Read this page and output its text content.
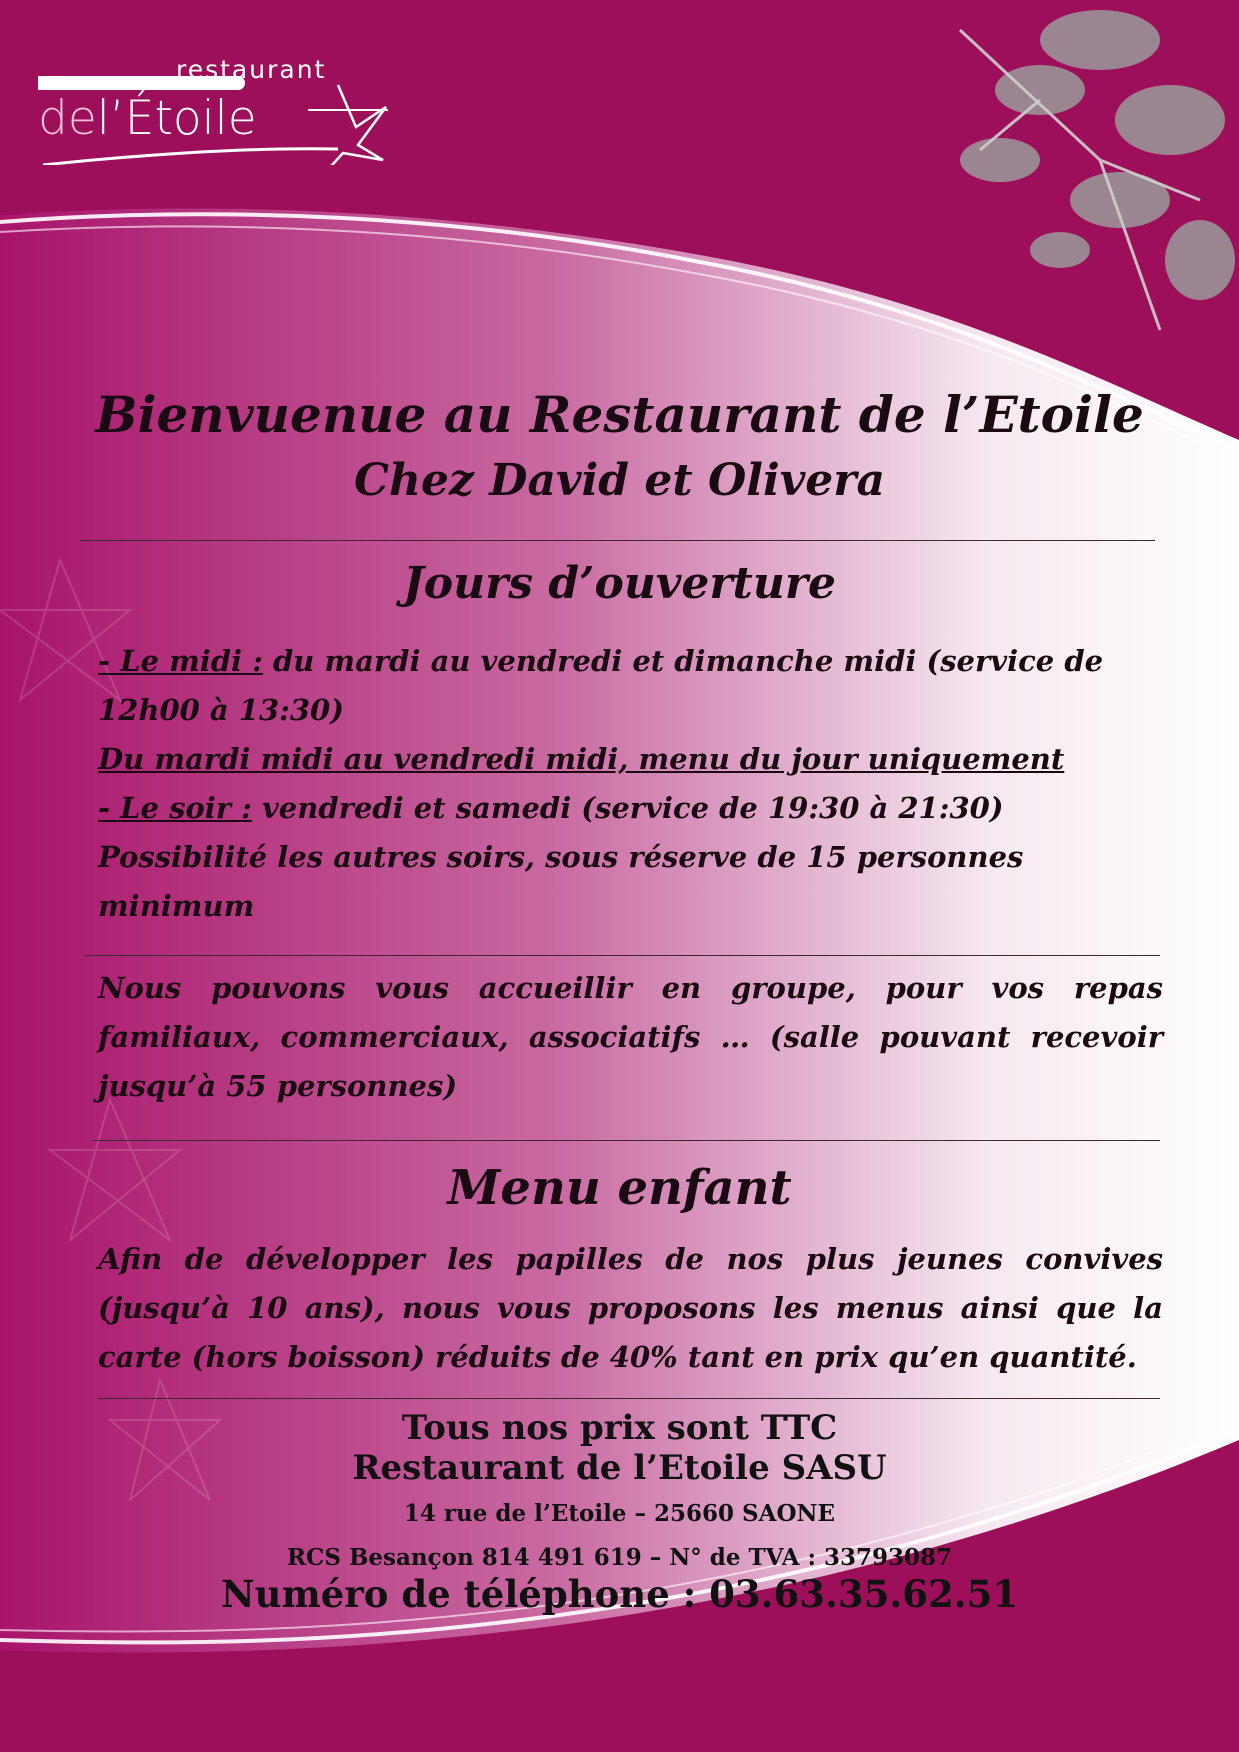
restaurant
del’Étoile
Bienvuenue au Restaurant de l’Etoile
Chez David et Olivera
Jours d’ouverture
- Le midi : du mardi au vendredi et dimanche midi (service de 12h00 à 13:30)
Du mardi midi au vendredi midi, menu du jour uniquement
- Le soir : vendredi et samedi (service de 19:30 à 21:30)
Possibilité les autres soirs, sous réserve de 15 personnes minimum
Nous pouvons vous accueillir en groupe, pour vos repas familiaux, commerciaux, associatifs … (salle pouvant recevoir jusqu’à 55 personnes)
Menu enfant
Afin de développer les papilles de nos plus jeunes convives (jusqu’à 10 ans), nous vous proposons les menus ainsi que la carte (hors boisson) réduits de 40% tant en prix qu’en quantité.
Tous nos prix sont TTC
Restaurant de l’Etoile SASU
14 rue de l’Etoile – 25660 SAONE
RCS Besançon 814 491 619 – N° de TVA : 33793087
Numéro de téléphone : 03.63.35.62.51
